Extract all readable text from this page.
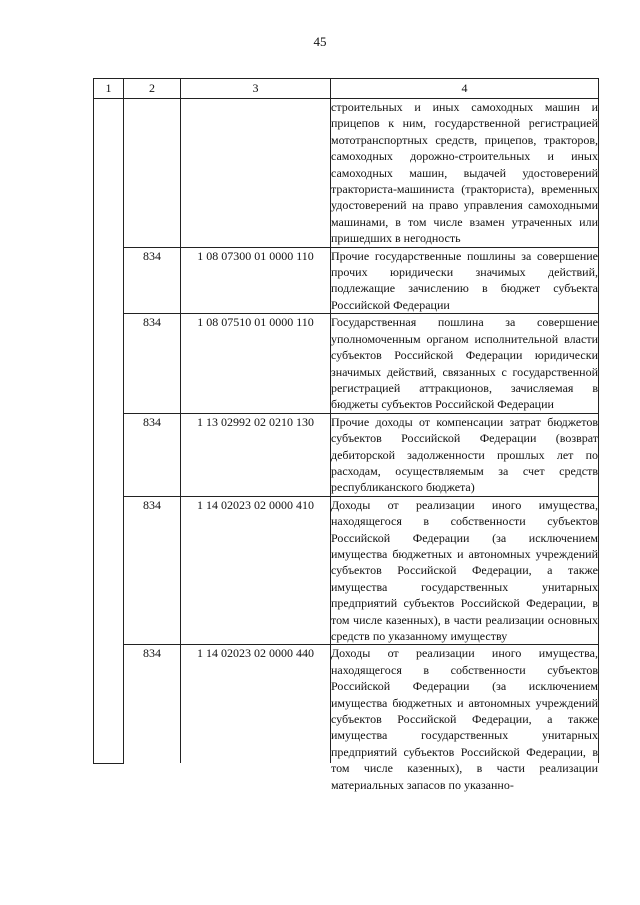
45
1	2	3	4
			строительных и иных самоходных машин и прицепов к ним, государственной регистрацией мототранспортных средств, прицепов, тракторов, самоходных дорожно-строительных и иных самоходных машин, выдачей удостоверений тракториста-машиниста (тракториста), временных удостоверений на право управления самоходными машинами, в том числе взамен утраченных или пришедших в негодность
	834	1 08 07300 01 0000 110	Прочие государственные пошлины за совершение прочих юридически значимых действий, подлежащие зачислению в бюджет субъекта Российской Федерации
	834	1 08 07510 01 0000 110	Государственная пошлина за совершение уполномоченным органом исполнительной власти субъектов Российской Федерации юридически значимых действий, связанных с государственной регистрацией аттракционов, зачисляемая в бюджеты субъектов Российской Федерации
	834	1 13 02992 02 0210 130	Прочие доходы от компенсации затрат бюджетов субъектов Российской Федерации (возврат дебиторской задолженности прошлых лет по расходам, осуществляемым за счет средств республиканского бюджета)
	834	1 14 02023 02 0000 410	Доходы от реализации иного имущества, находящегося в собственности субъектов Российской Федерации (за исключением имущества бюджетных и автономных учреждений субъектов Российской Федерации, а также имущества государственных унитарных предприятий субъектов Российской Федерации, в том числе казенных), в части реализации основных средств по указанному имуществу
	834	1 14 02023 02 0000 440	Доходы от реализации иного имущества, находящегося в собственности субъектов Российской Федерации (за исключением имущества бюджетных и автономных учреждений субъектов Российской Федерации, а также имущества государственных унитарных предприятий субъектов Российской Федерации, в том числе казенных), в части реализации материальных запасов по указанно-
